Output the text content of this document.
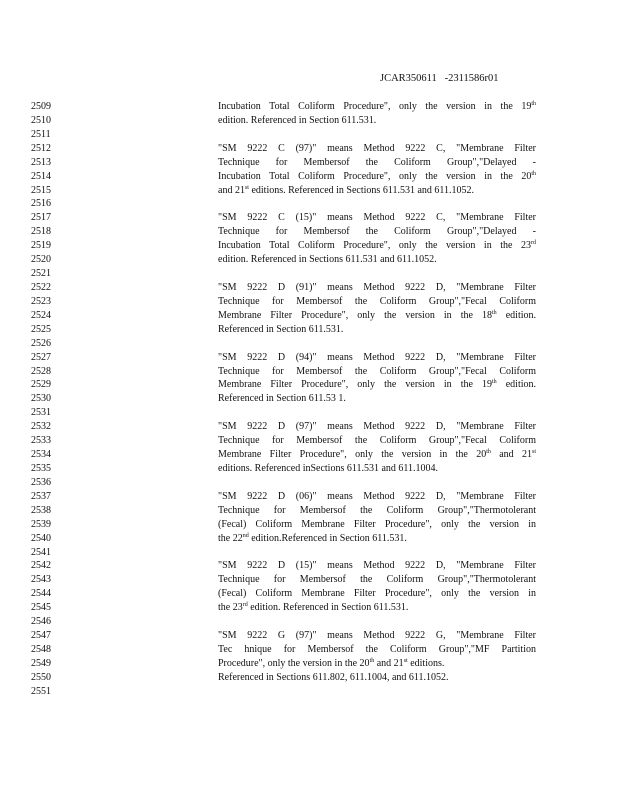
JCAR350611 -2311586r01
2509	Incubation Total Coliform Procedure", only the version in the 19th
2510	edition. Referenced in Section 611.531.
2511
2512	"SM 9222 C (97)" means Method 9222 C, "Membrane Filter
2513	Technique for Membersof the Coliform Group","Delayed -
2514	Incubation Total Coliform Procedure", only the version in the 20th
2515	and 21st editions. Referenced in Sections 611.531 and 611.1052.
2516
2517	"SM 9222 C (15)" means Method 9222 C, "Membrane Filter
2518	Technique for Membersof the Coliform Group","Delayed -
2519	Incubation Total Coliform Procedure", only the version in the 23rd
2520	edition. Referenced in Sections 611.531 and 611.1052.
2521
2522	"SM 9222 D (91)" means Method 9222 D, "Membrane Filter
2523	Technique for Membersof the Coliform Group","Fecal Coliform
2524	Membrane Filter Procedure", only the version in the 18th edition.
2525	Referenced in Section 611.531.
2526
2527	"SM 9222 D (94)" means Method 9222 D, "Membrane Filter
2528	Technique for Membersof the Coliform Group","Fecal Coliform
2529	Membrane Filter Procedure", only the version in the 19th edition.
2530	Referenced in Section 611.53 1.
2531
2532	"SM 9222 D (97)" means Method 9222 D, "Membrane Filter
2533	Technique for Membersof the Coliform Group","Fecal Coliform
2534	Membrane Filter Procedure", only the version in the 20th and 21st
2535	editions. Referenced inSections 611.531 and 611.1004.
2536
2537	"SM 9222 D (06)" means Method 9222 D, "Membrane Filter
2538	Technique for Membersof the Coliform Group","Thermotolerant
2539	(Fecal) Coliform Membrane Filter Procedure", only the version in
2540	the 22nd edition.Referenced in Section 611.531.
2541
2542	"SM 9222 D (15)" means Method 9222 D, "Membrane Filter
2543	Technique for Membersof the Coliform Group","Thermotolerant
2544	(Fecal) Coliform Membrane Filter Procedure", only the version in
2545	the 23rd edition. Referenced in Section 611.531.
2546
2547	"SM 9222 G (97)" means Method 9222 G, "Membrane Filter
2548	Tec hnique for Membersof the Coliform Group","MF Partition
2549	Procedure", only the version in the 20th and 21st editions.
2550	Referenced in Sections 611.802, 611.1004, and 611.1052.
2551
